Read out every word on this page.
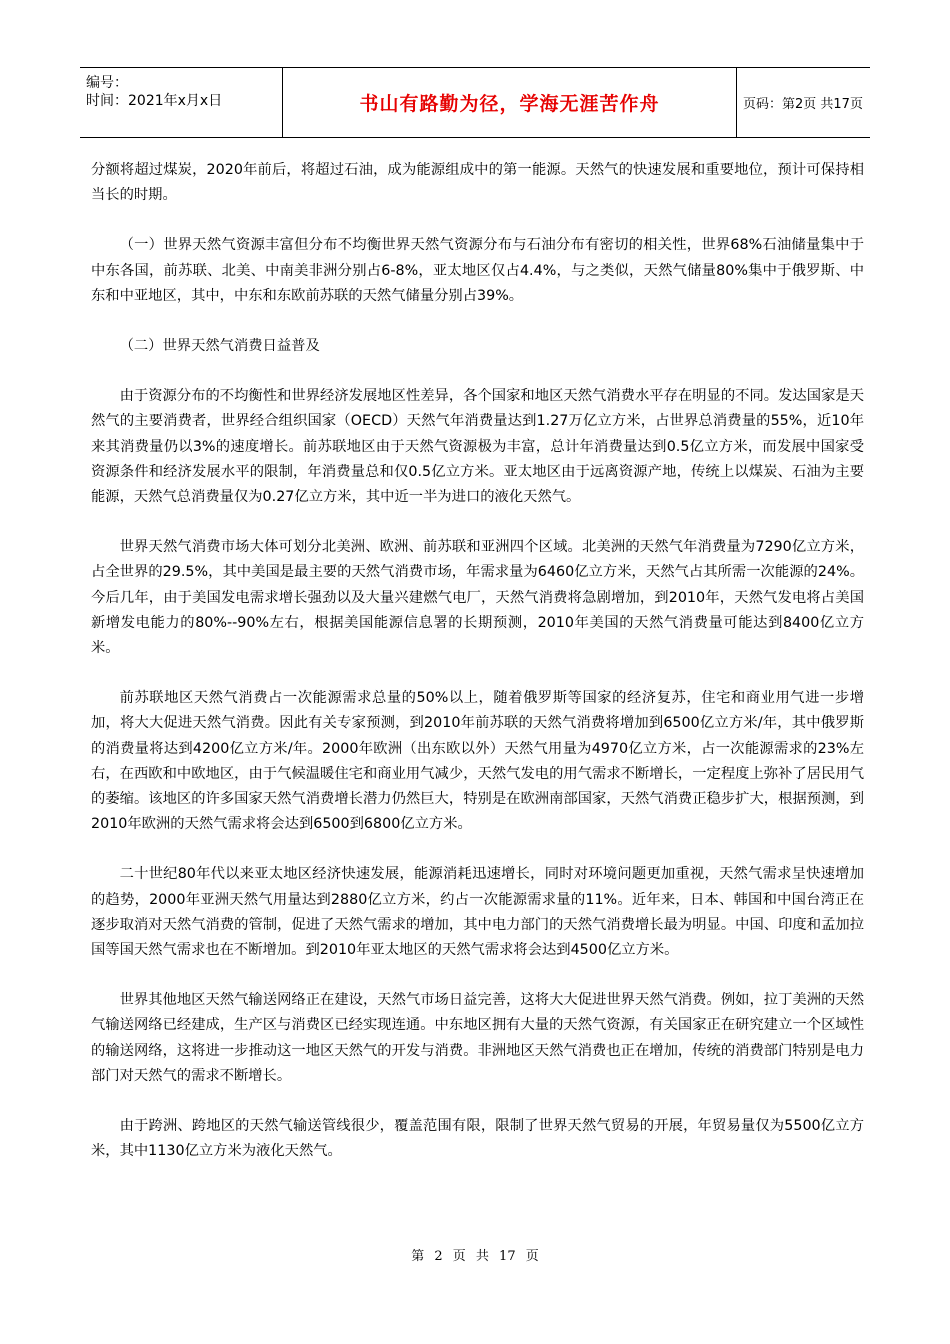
编号：
时间：2021年x月x日	书山有路勤为径，学海无涯苦作舟	页码：第2页 共17页

分额将超过煤炭，2020年前后，将超过石油，成为能源组成中的第一能源。天然气的快速发展和重要地位，预计可保持相当长的时期。

（一）世界天然气资源丰富但分布不均衡世界天然气资源分布与石油分布有密切的相关性，世界68%石油储量集中于中东各国，前苏联、北美、中南美非洲分别占6-8%，亚太地区仅占4.4%，与之类似，天然气储量80%集中于俄罗斯、中东和中亚地区，其中，中东和东欧前苏联的天然气储量分别占39%。

（二）世界天然气消费日益普及

由于资源分布的不均衡性和世界经济发展地区性差异，各个国家和地区天然气消费水平存在明显的不同。发达国家是天然气的主要消费者，世界经合组织国家（OECD）天然气年消费量达到1.27万亿立方米，占世界总消费量的55%，近10年来其消费量仍以3%的速度增长。前苏联地区由于天然气资源极为丰富，总计年消费量达到0.5亿立方米，而发展中国家受资源条件和经济发展水平的限制，年消费量总和仅0.5亿立方米。亚太地区由于远离资源产地，传统上以煤炭、石油为主要能源，天然气总消费量仅为0.27亿立方米，其中近一半为进口的液化天然气。

世界天然气消费市场大体可划分北美洲、欧洲、前苏联和亚洲四个区域。北美洲的天然气年消费量为7290亿立方米，占全世界的29.5%，其中美国是最主要的天然气消费市场，年需求量为6460亿立方米，天然气占其所需一次能源的24%。今后几年，由于美国发电需求增长强劲以及大量兴建燃气电厂，天然气消费将急剧增加，到2010年，天然气发电将占美国新增发电能力的80%--90%左右，根据美国能源信息署的长期预测，2010年美国的天然气消费量可能达到8400亿立方米。

前苏联地区天然气消费占一次能源需求总量的50%以上，随着俄罗斯等国家的经济复苏，住宅和商业用气进一步增加，将大大促进天然气消费。因此有关专家预测，到2010年前苏联的天然气消费将增加到6500亿立方米/年，其中俄罗斯的消费量将达到4200亿立方米/年。2000年欧洲（出东欧以外）天然气用量为4970亿立方米，占一次能源需求的23%左右，在西欧和中欧地区，由于气候温暖住宅和商业用气减少，天然气发电的用气需求不断增长，一定程度上弥补了居民用气的萎缩。该地区的许多国家天然气消费增长潜力仍然巨大，特别是在欧洲南部国家，天然气消费正稳步扩大，根据预测，到2010年欧洲的天然气需求将会达到6500到6800亿立方米。

二十世纪80年代以来亚太地区经济快速发展，能源消耗迅速增长，同时对环境问题更加重视，天然气需求呈快速增加的趋势，2000年亚洲天然气用量达到2880亿立方米，约占一次能源需求量的11%。近年来，日本、韩国和中国台湾正在逐步取消对天然气消费的管制，促进了天然气需求的增加，其中电力部门的天然气消费增长最为明显。中国、印度和孟加拉国等国天然气需求也在不断增加。到2010年亚太地区的天然气需求将会达到4500亿立方米。

世界其他地区天然气输送网络正在建设，天然气市场日益完善，这将大大促进世界天然气消费。例如，拉丁美洲的天然气输送网络已经建成，生产区与消费区已经实现连通。中东地区拥有大量的天然气资源，有关国家正在研究建立一个区域性的输送网络，这将进一步推动这一地区天然气的开发与消费。非洲地区天然气消费也正在增加，传统的消费部门特别是电力部门对天然气的需求不断增长。

由于跨洲、跨地区的天然气输送管线很少，覆盖范围有限，限制了世界天然气贸易的开展，年贸易量仅为5500亿立方米，其中1130亿立方米为液化天然气。

第 2 页 共 17 页
